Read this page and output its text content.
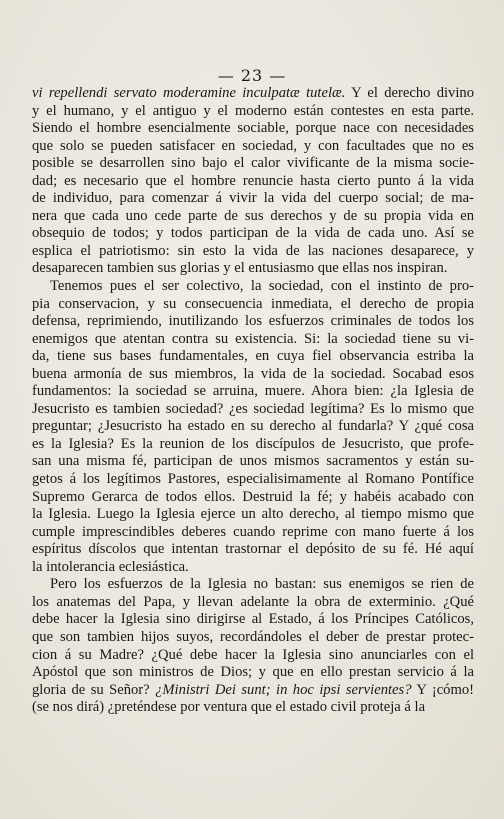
— 23 —
vi repellendi servato moderamine inculpatæ tutelæ. Y el derecho divino
y el humano, y el antiguo y el moderno están contestes en esta parte.
Siendo el hombre esencialmente sociable, porque nace con necesidades
que solo se pueden satisfacer en sociedad, y con facultades que no es
posible se desarrollen sino bajo el calor vivificante de la misma socie-
dad; es necesario que el hombre renuncie hasta cierto punto á la vida
de individuo, para comenzar á vivir la vida del cuerpo social; de ma-
nera que cada uno cede parte de sus derechos y de su propia vida en
obsequio de todos; y todos participan de la vida de cada uno. Así se
esplica el patriotismo: sin esto la vida de las naciones desaparece, y
desaparecen tambien sus glorias y el entusiasmo que ellas nos inspiran.
Tenemos pues el ser colectivo, la sociedad, con el instinto de pro-
pia conservacion, y su consecuencia inmediata, el derecho de propia
defensa, reprimiendo, inutilizando los esfuerzos criminales de todos los
enemigos que atentan contra su existencia. Si: la sociedad tiene su vi-
da, tiene sus bases fundamentales, en cuya fiel observancia estriba la
buena armonía de sus miembros, la vida de la sociedad. Socabad esos
fundamentos: la sociedad se arruina, muere. Ahora bien: ¿la Iglesia de
Jesucristo es tambien sociedad? ¿es sociedad legítima? Es lo mismo que
preguntar; ¿Jesucristo ha estado en su derecho al fundarla? Y ¿qué cosa
es la Iglesia? Es la reunion de los discípulos de Jesucristo, que profe-
san una misma fé, participan de unos mismos sacramentos y están su-
getos á los legítimos Pastores, especialisimamente al Romano Pontífice
Supremo Gerarca de todos ellos. Destruid la fé; y habéis acabado con
la Iglesia. Luego la Iglesia ejerce un alto derecho, al tiempo mismo que
cumple imprescindibles deberes cuando reprime con mano fuerte á los
espíritus díscolos que intentan trastornar el depósito de su fé. Hé aquí
la intolerancia eclesiástica.
Pero los esfuerzos de la Iglesia no bastan: sus enemigos se rien de
los anatemas del Papa, y llevan adelante la obra de exterminio. ¿Qué
debe hacer la Iglesia sino dirigirse al Estado, á los Príncipes Católicos,
que son tambien hijos suyos, recordándoles el deber de prestar protec-
cion á su Madre? ¿Qué debe hacer la Iglesia sino anunciarles con el
Apóstol que son ministros de Dios; y que en ello prestan servicio á la
gloria de su Señor? ¿Ministri Dei sunt; in hoc ipsi servientes? Y ¡cómo!
(se nos dirá) ¿preténdese por ventura que el estado civil proteja á la
